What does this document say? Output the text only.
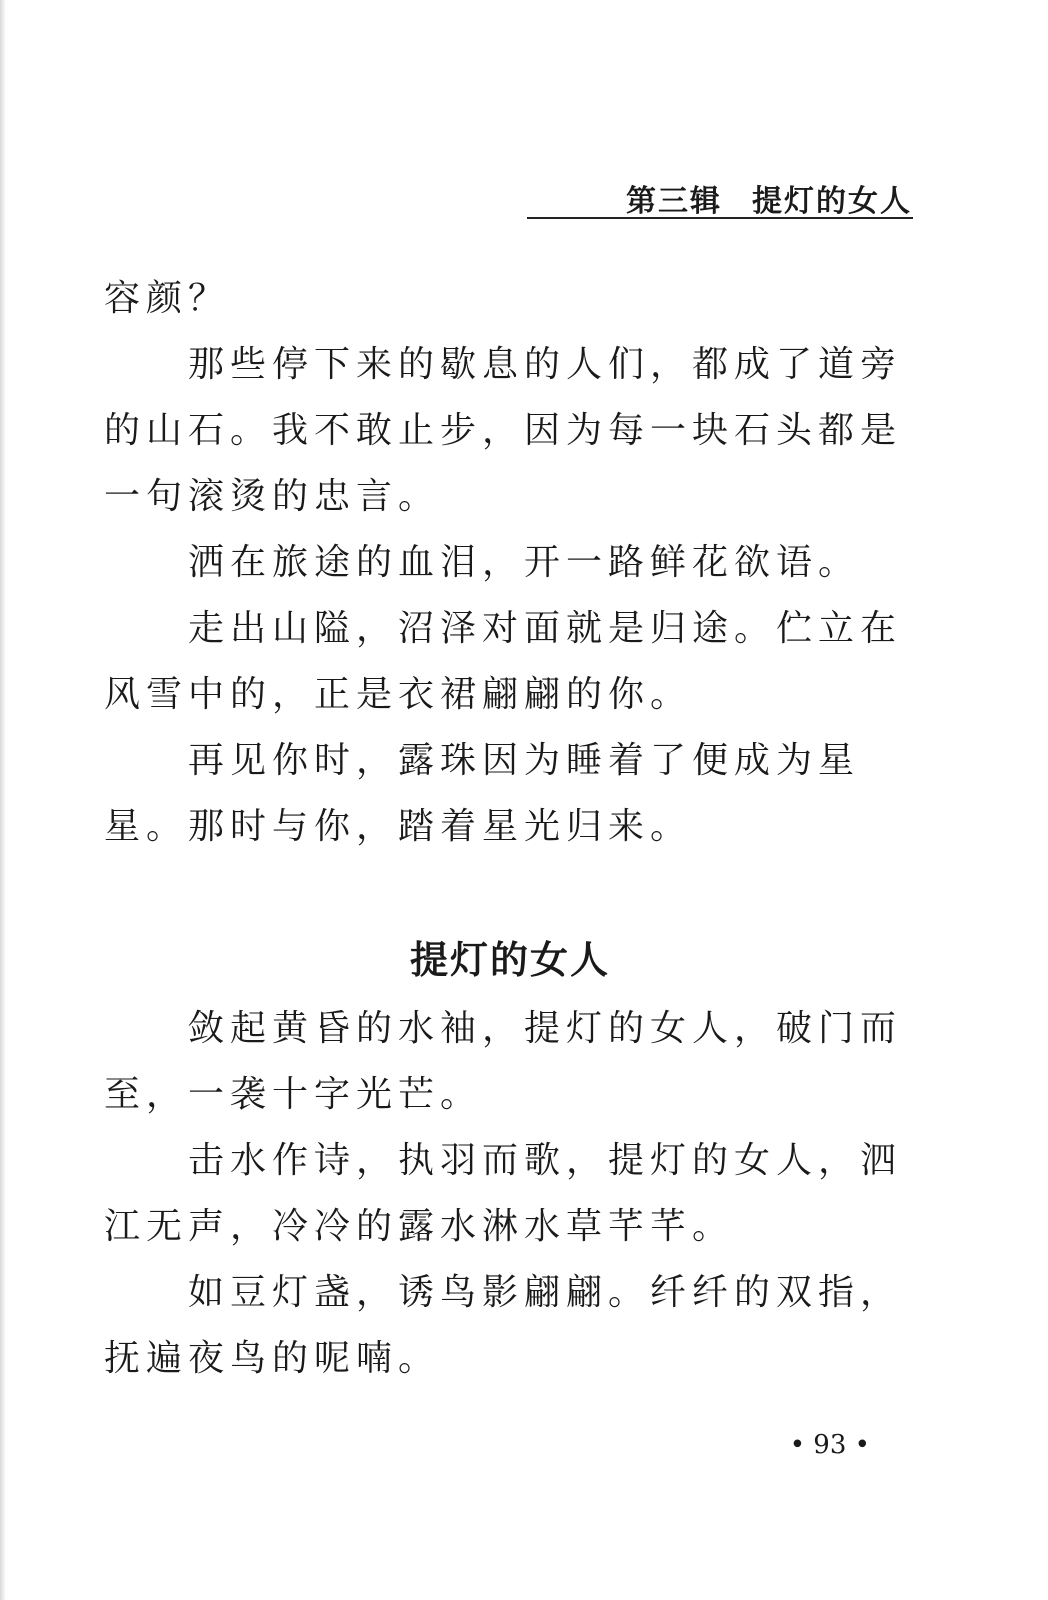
第三辑 提灯的女人

容颜？

那些停下来的歇息的人们，都成了道旁的山石。我不敢止步，因为每一块石头都是一句滚烫的忠言。

洒在旅途的血泪，开一路鲜花欲语。

走出山隘，沼泽对面就是归途。伫立在风雪中的，正是衣裙翩翩的你。

再见你时，露珠因为睡着了便成为星星。那时与你，踏着星光归来。

提灯的女人

敛起黄昏的水袖，提灯的女人，破门而至，一袭十字光芒。

击水作诗，执羽而歌，提灯的女人，泗江无声，冷冷的露水淋水草芊芊。

如豆灯盏，诱鸟影翩翩。纤纤的双指，抚遍夜鸟的呢喃。

• 93 •
